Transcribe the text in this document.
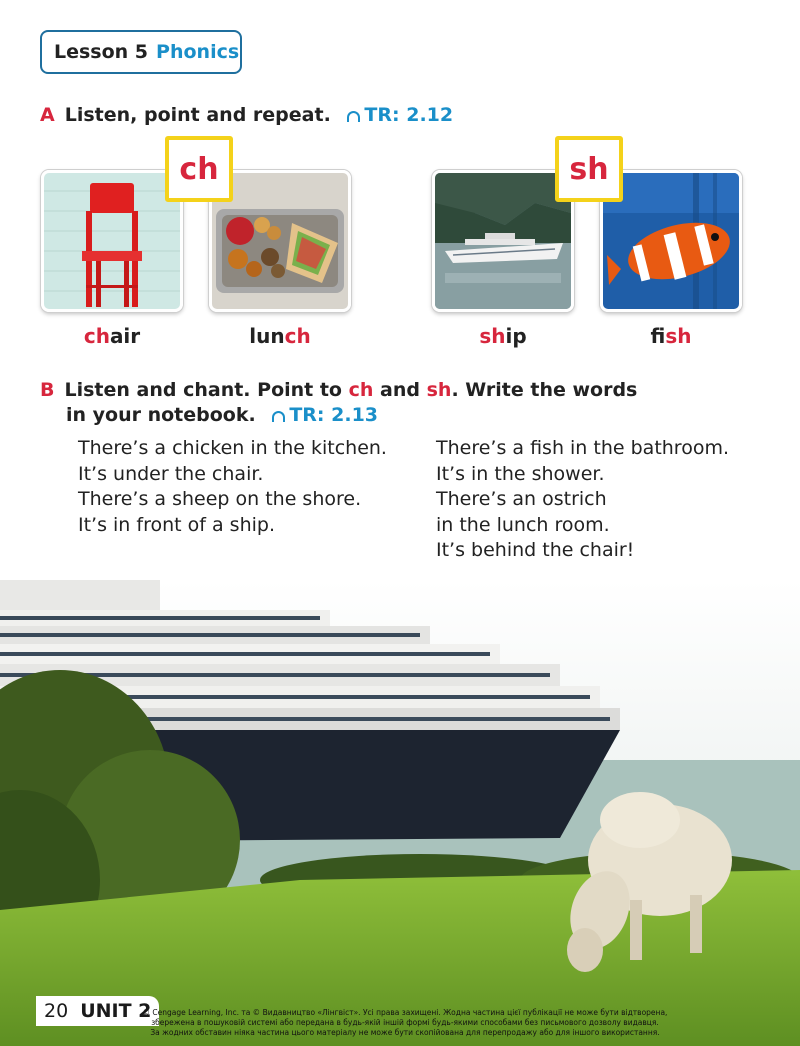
Lesson 5 Phonics
A Listen, point and repeat. TR: 2.12
ch	sh
chair	lunch	ship	fish
B Listen and chant. Point to ch and sh. Write the words
in your notebook. TR: 2.13
There’s a chicken in the kitchen.
It’s under the chair.
There’s a sheep on the shore.
It’s in front of a ship.
There’s a fish in the bathroom.
It’s in the shower.
There’s an ostrich
in the lunch room.
It’s behind the chair!
20 UNIT 2
© Cengage Learning, Inc. та © Видавництво «Лінгвіст». Усі права захищені. Жодна частина цієї публікації не може бути відтворена,
збережена в пошуковій системі або передана в будь-якій іншій формі будь-якими способами без письмового дозволу видавця.
За жодних обставин ніяка частина цього матеріалу не може бути скопійована для перепродажу або для іншого використання.
